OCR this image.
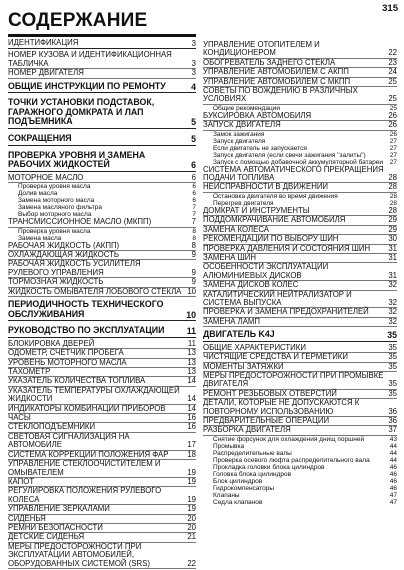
315
СОДЕРЖАНИЕ
ИДЕНТИФИКАЦИЯ	3
НОМЕР КУЗОВА И ИДЕНТИФИКАЦИОННАЯ ТАБЛИЧКА	3
НОМЕР ДВИГАТЕЛЯ	3
ОБЩИЕ ИНСТРУКЦИИ ПО РЕМОНТУ	4
ТОЧКИ УСТАНОВКИ ПОДСТАВОК, ГАРАЖНОГО ДОМКРАТА И ЛАП ПОДЪЕМНИКА	5
СОКРАЩЕНИЯ	5
ПРОВЕРКА УРОВНЯ И ЗАМЕНА РАБОЧИХ ЖИДКОСТЕЙ	6
МОТОРНОЕ МАСЛО	6
Проверка уровня масла	6
Долив масла	6
Замена моторного масла	6
Замена масляного фильтра	7
Выбор моторного масла	7
ТРАНСМИССИОННОЕ МАСЛО (МКПП)	7
Проверка уровня масла	8
Замена масла	8
РАБОЧАЯ ЖИДКОСТЬ (АКПП)	8
ОХЛАЖДАЮЩАЯ ЖИДКОСТЬ	9
РАБОЧАЯ ЖИДКОСТЬ УСИЛИТЕЛЯ РУЛЕВОГО УПРАВЛЕНИЯ	9
ТОРМОЗНАЯ ЖИДКОСТЬ	9
ЖИДКОСТЬ ОМЫВАТЕЛЯ ЛОБОВОГО СТЕКЛА 10
ПЕРИОДИЧНОСТЬ ТЕХНИЧЕСКОГО ОБСЛУЖИВАНИЯ	10
РУКОВОДСТВО ПО ЭКСПЛУАТАЦИИ	11
БЛОКИРОВКА ДВЕРЕЙ	11
ОДОМЕТР, СЧЕТЧИК ПРОБЕГА	13
УРОВЕНЬ МОТОРНОГО МАСЛА	13
ТАХОМЕТР	13
УКАЗАТЕЛЬ КОЛИЧЕСТВА ТОПЛИВА	14
УКАЗАТЕЛЬ ТЕМПЕРАТУРЫ ОХЛАЖДАЮЩЕЙ ЖИДКОСТИ	14
ИНДИКАТОРЫ КОМБИНАЦИИ ПРИБОРОВ	14
ЧАСЫ	16
СТЕКЛОПОДЪЕМНИКИ	16
СВЕТОВАЯ СИГНАЛИЗАЦИЯ НА АВТОМОБИЛЕ	17
СИСТЕМА КОРРЕКЦИИ ПОЛОЖЕНИЯ ФАР	18
УПРАВЛЕНИЕ СТЕКЛООЧИСТИТЕЛЕМ И ОМЫВАТЕЛЕМ	19
КАПОТ	19
РЕГУЛИРОВКА ПОЛОЖЕНИЯ РУЛЕВОГО КОЛЕСА	19
УПРАВЛЕНИЕ ЗЕРКАЛАМИ	19
СИДЕНЬЯ	20
РЕМНИ БЕЗОПАСНОСТИ	20
ДЕТСКИЕ СИДЕНЬЯ	21
МЕРЫ ПРЕДОСТОРОЖНОСТИ ПРИ ЭКСПЛУАТАЦИИ АВТОМОБИЛЕЙ, ОБОРУДОВАННЫХ СИСТЕМОЙ (SRS)	22
УПРАВЛЕНИЕ ОТОПИТЕЛЕМ И КОНДИЦИОНЕРОМ	22
ОБОГРЕВАТЕЛЬ ЗАДНЕГО СТЕКЛА	23
УПРАВЛЕНИЕ АВТОМОБИЛЕМ С АКПП	24
УПРАВЛЕНИЕ АВТОМОБИЛЕМ С МКПП	25
СОВЕТЫ ПО ВОЖДЕНИЮ В РАЗЛИЧНЫХ УСЛОВИЯХ	25
Общие рекомендации	25
БУКСИРОВКА АВТОМОБИЛЯ	26
ЗАПУСК ДВИГАТЕЛЯ	26
Замок зажигания	26
Запуск двигателя	27
Если двигатель не запускается	27
Запуск двигателя (если свечи зажигания "залиты")	27
Запуск с помощью добавочной аккумуляторной батареи	27
СИСТЕМА АВТОМАТИЧЕСКОГО ПРЕКРАЩЕНИЯ ПОДАЧИ ТОПЛИВА	28
НЕИСПРАВНОСТИ В ДВИЖЕНИИ	28
Остановка двигателя во время движения	28
Перегрев двигателя	28
ДОМКРАТ И ИНСТРУМЕНТЫ	28
ПОДДОМКРАЧИВАНИЕ АВТОМОБИЛЯ	29
ЗАМЕНА КОЛЕСА	29
РЕКОМЕНДАЦИИ ПО ВЫБОРУ ШИН	30
ПРОВЕРКА ДАВЛЕНИЯ И СОСТОЯНИЯ ШИН	31
ЗАМЕНА ШИН	31
ОСОБЕННОСТИ ЭКСПЛУАТАЦИИ АЛЮМИНИЕВЫХ ДИСКОВ	31
ЗАМЕНА ДИСКОВ КОЛЕС	32
КАТАЛИТИЧЕСКИЙ НЕЙТРАЛИЗАТОР И СИСТЕМА ВЫПУСКА	32
ПРОВЕРКА И ЗАМЕНА ПРЕДОХРАНИТЕЛЕЙ	32
ЗАМЕНА ЛАМП	32
ДВИГАТЕЛЬ K4J	35
ОБЩИЕ ХАРАКТЕРИСТИКИ	35
ЧИСТЯЩИЕ СРЕДСТВА И ГЕРМЕТИКИ	35
МОМЕНТЫ ЗАТЯЖКИ	35
МЕРЫ ПРЕДОСТОРОЖНОСТИ ПРИ ПРОМЫВКЕ ДВИГАТЕЛЯ	35
РЕМОНТ РЕЗЬБОВЫХ ОТВЕРСТИЙ	35
ДЕТАЛИ, КОТОРЫЕ НЕ ДОПУСКАЮТСЯ К ПОВТОРНОМУ ИСПОЛЬЗОВАНИЮ	36
ПРЕДВАРИТЕЛЬНЫЕ ОПЕРАЦИИ	36
РАЗБОРКА ДВИГАТЕЛЯ	37
Снятие форсунок для охлаждения днищ поршней	43
Промывка	44
Распределительные валы	44
Проверка осевого люфта распределительного вала	44
Прокладка головки блока цилиндров	46
Головка блока цилиндров	46
Блок цилиндров	46
Гидрокомпенсаторы	46
Клапаны	47
Седла клапанов	47
